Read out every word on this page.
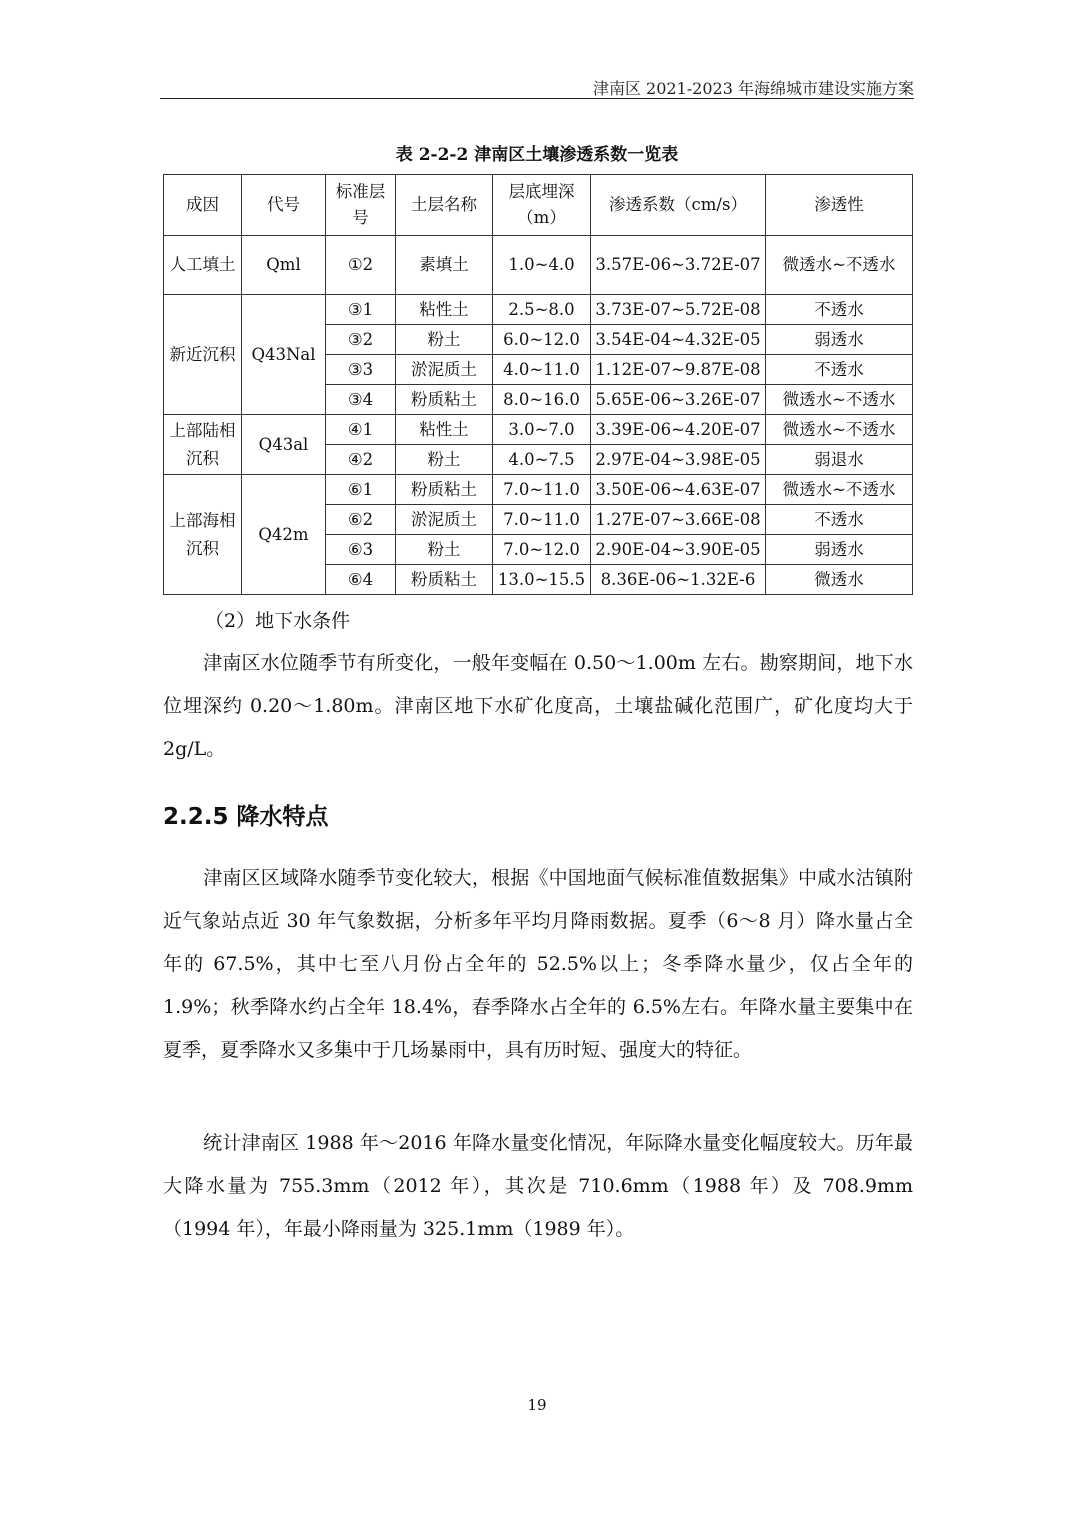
津南区 2021-2023 年海绵城市建设实施方案
表 2-2-2 津南区土壤渗透系数一览表
成因	代号	标准层号	土层名称	层底埋深（m）	渗透系数（cm/s）	渗透性
人工填土	Qml	①2	素填土	1.0~4.0	3.57E-06~3.72E-07	微透水~不透水
新近沉积	Q43Nal	③1	粘性土	2.5~8.0	3.73E-07~5.72E-08	不透水
		③2	粉土	6.0~12.0	3.54E-04~4.32E-05	弱透水
		③3	淤泥质土	4.0~11.0	1.12E-07~9.87E-08	不透水
		③4	粉质粘土	8.0~16.0	5.65E-06~3.26E-07	微透水~不透水
上部陆相沉积	Q43al	④1	粘性土	3.0~7.0	3.39E-06~4.20E-07	微透水~不透水
		④2	粉土	4.0~7.5	2.97E-04~3.98E-05	弱退水
上部海相沉积	Q42m	⑥1	粉质粘土	7.0~11.0	3.50E-06~4.63E-07	微透水~不透水
		⑥2	淤泥质土	7.0~11.0	1.27E-07~3.66E-08	不透水
		⑥3	粉土	7.0~12.0	2.90E-04~3.90E-05	弱透水
		⑥4	粉质粘土	13.0~15.5	8.36E-06~1.32E-6	微透水
（2）地下水条件
津南区水位随季节有所变化，一般年变幅在 0.50～1.00m 左右。勘察期间，地下水位埋深约 0.20～1.80m。津南区地下水矿化度高，土壤盐碱化范围广，矿化度均大于 2g/L。
2.2.5 降水特点
津南区区域降水随季节变化较大，根据《中国地面气候标准值数据集》中咸水沽镇附近气象站点近 30 年气象数据，分析多年平均月降雨数据。夏季（6～8 月）降水量占全年的 67.5%，其中七至八月份占全年的 52.5%以上；冬季降水量少，仅占全年的 1.9%；秋季降水约占全年 18.4%，春季降水占全年的 6.5%左右。年降水量主要集中在夏季，夏季降水又多集中于几场暴雨中，具有历时短、强度大的特征。
统计津南区 1988 年～2016 年降水量变化情况，年际降水量变化幅度较大。历年最大降水量为 755.3mm（2012 年），其次是 710.6mm（1988 年）及 708.9mm（1994 年），年最小降雨量为 325.1mm（1989 年）。
19
